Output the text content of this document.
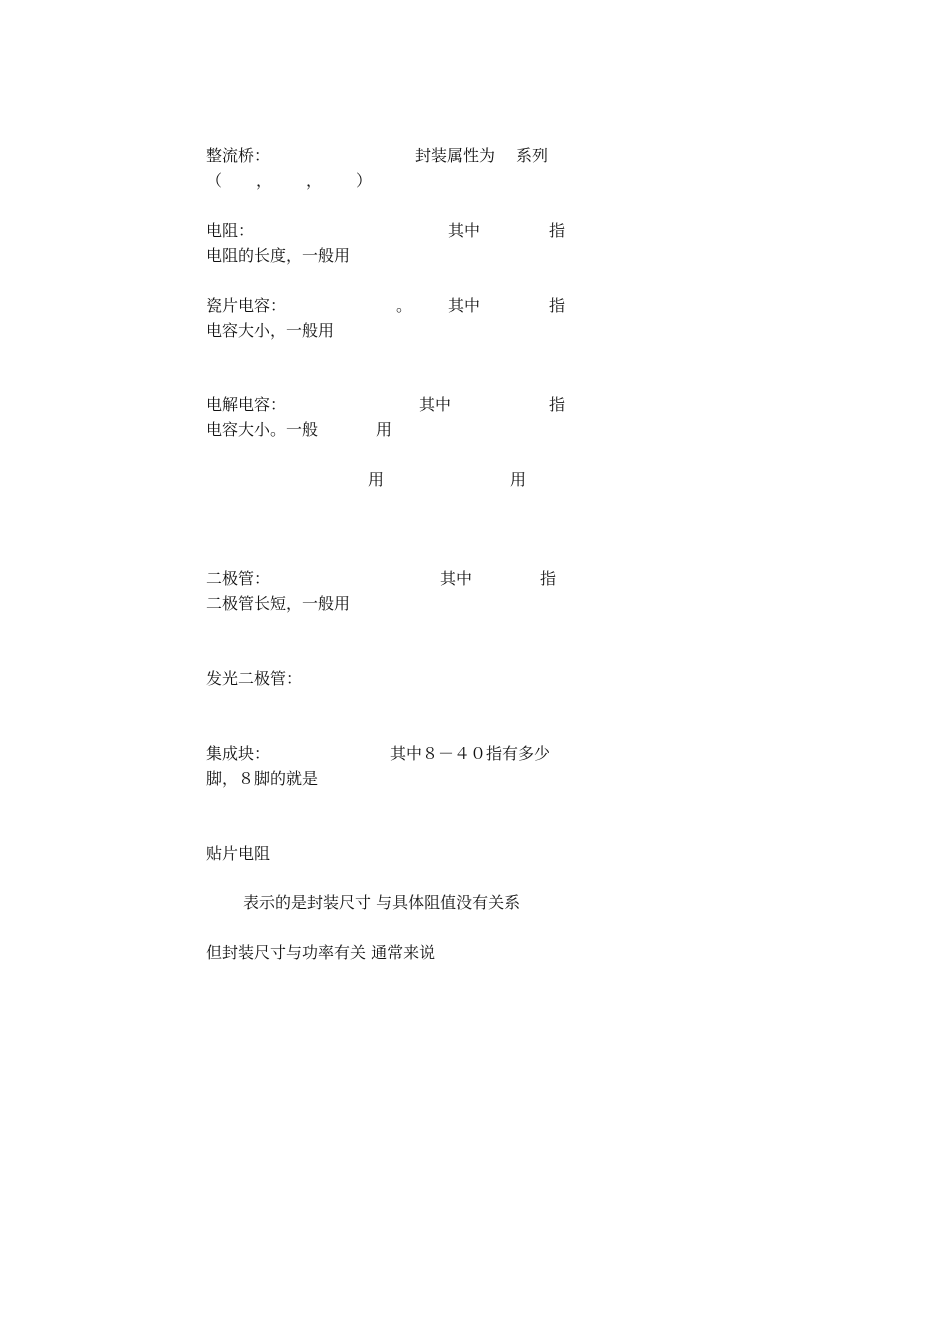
整流桥：	封装属性为 系列
（ ， ， ）
电阻：	其中	指
电阻的长度，一般用
瓷片电容：	。 其中	指
电容大小，一般用
电解电容：	其中	指
电容大小。一般	用
用	用
二极管：	其中	指
二极管长短，一般用
发光二极管：
集成块：	其中８－４０指有多少
脚，８脚的就是
贴片电阻
表示的是封装尺寸 与具体阻值没有关系
但封装尺寸与功率有关 通常来说
